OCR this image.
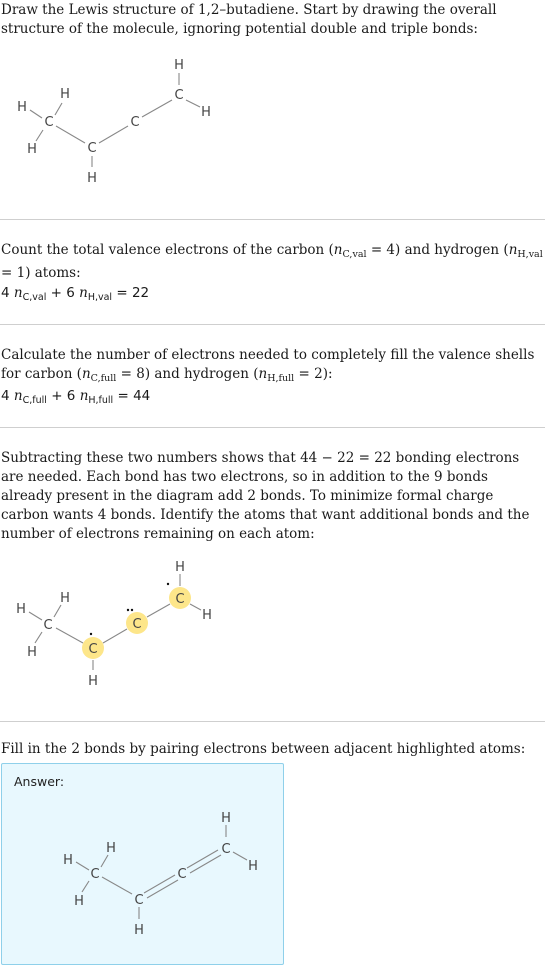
Draw the Lewis structure of 1,2–butadiene. Start by drawing the overall structure of the molecule, ignoring potential double and triple bonds:
H
H
C
H	C
H
C
H
C
H
Count the total valence electrons of the carbon $(n_{C,val} = 4)$ and hydrogen $(n_{H,val} = 1)$ atoms:
4 $n_{C,val} + 6$ $n_{H,val} = 22$
Calculate the number of electrons needed to completely fill the valence shells for carbon $(n_{C,full} = 8)$ and hydrogen $(n_{H,full} = 2)$:
4 $n_{C,full} + 6$ $n_{H,full} = 44$
Subtracting these two numbers shows that 44 − 22 = 22 bonding electrons are needed. Each bond has two electrons, so in addition to the 9 bonds already present in the diagram add 2 bonds. To minimize formal charge carbon wants 4 bonds. Identify the atoms that want additional bonds and the number of electrons remaining on each atom:
H
H
C
H	C
H
C
H
C
H
Fill in the 2 bonds by pairing electrons between adjacent highlighted atoms:
Answer:
H
H
C
H	C
H
C
H
C
H
